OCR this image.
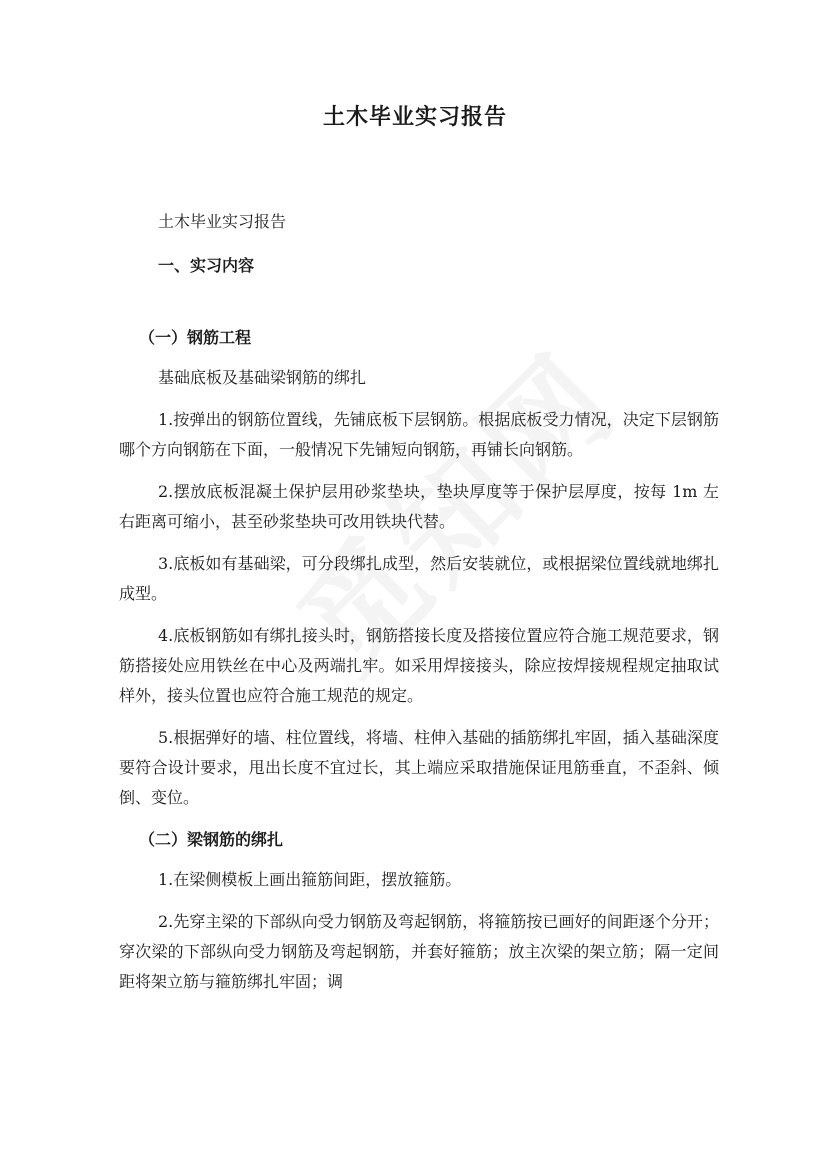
土木毕业实习报告

土木毕业实习报告

一、实习内容

（一）钢筋工程

基础底板及基础梁钢筋的绑扎

1.按弹出的钢筋位置线，先铺底板下层钢筋。根据底板受力情况，决定下层钢筋哪个方向钢筋在下面，一般情况下先铺短向钢筋，再铺长向钢筋。

2.摆放底板混凝土保护层用砂浆垫块，垫块厚度等于保护层厚度，按每 1m 左右距离可缩小，甚至砂浆垫块可改用铁块代替。

3.底板如有基础梁，可分段绑扎成型，然后安装就位，或根据梁位置线就地绑扎成型。

4.底板钢筋如有绑扎接头时，钢筋搭接长度及搭接位置应符合施工规范要求，钢筋搭接处应用铁丝在中心及两端扎牢。如采用焊接接头，除应按焊接规程规定抽取试样外，接头位置也应符合施工规范的规定。

5.根据弹好的墙、柱位置线，将墙、柱伸入基础的插筋绑扎牢固，插入基础深度要符合设计要求，甩出长度不宜过长，其上端应采取措施保证甩筋垂直，不歪斜、倾倒、变位。

（二）梁钢筋的绑扎

1.在梁侧模板上画出箍筋间距，摆放箍筋。

2.先穿主梁的下部纵向受力钢筋及弯起钢筋，将箍筋按已画好的间距逐个分开；穿次梁的下部纵向受力钢筋及弯起钢筋，并套好箍筋；放主次梁的架立筋；隔一定间距将架立筋与箍筋绑扎牢固；调
